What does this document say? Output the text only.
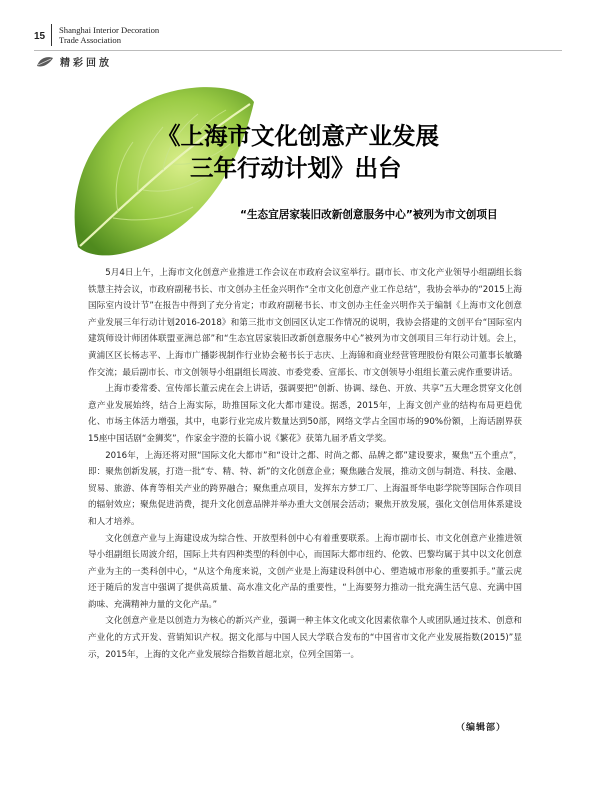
15
Shanghai Interior Decoration
Trade Association
精彩回放
《上海市文化创意产业发展
三年行动计划》出台
“生态宜居家装旧改新创意服务中心”被列为市文创项目

5月4日上午，上海市文化创意产业推进工作会议在市政府会议室举行。副市长、市文化产业领导小组副组长翁铁慧主持会议，市政府副秘书长、市文创办主任金兴明作“全市文化创意产业工作总结”，我协会举办的“2015上海国际室内设计节”在报告中得到了充分肯定；市政府副秘书长、市文创办主任金兴明作关于编制《上海市文化创意产业发展三年行动计划2016-2018》和第三批市文创园区认定工作情况的说明，我协会搭建的文创平台“国际室内建筑师设计师团体联盟亚洲总部”和“生态宜居家装旧改新创意服务中心”被列为市文创项目三年行动计划。会上，黄浦区区长杨志平、上海市广播影视制作行业协会秘书长于志庆、上海锦和商业经营管理股份有限公司董事长敏璐作交流；最后副市长、市文创领导小组副组长周波、市委党委、宣部长、市文创领导小组组长董云虎作重要讲话。

上海市委常委、宣传部长董云虎在会上讲话，强调要把“创新、协调、绿色、开放、共享”五大理念贯穿文化创意产业发展始终，结合上海实际，助推国际文化大都市建设。据悉，2015年，上海文创产业的结构布局更趋优化、市场主体活力增强，其中，电影行业完成片数量达到50部，网络文学占全国市场的90%份额，上海话剧界获15座中国话剧“金狮奖”，作家金宇澄的长篇小说《繁花》获第九届矛盾文学奖。

2016年，上海还将对照“国际文化大都市”和“设计之都、时尚之都、品牌之都”建设要求，聚焦“五个重点”，即：聚焦创新发展，打造一批“专、精、特、新”的文化创意企业；聚焦融合发展，推动文创与制造、科技、金融、贸易、旅游、体育等相关产业的跨界融合；聚焦重点项目，发挥东方梦工厂、上海温哥华电影学院等国际合作项目的辐射效应；聚焦促进消费，提升文化创意品牌并举办重大文创展会活动；聚焦开放发展，强化文创信用体系建设和人才培养。

文化创意产业与上海建设成为综合性、开放型科创中心有着重要联系。上海市副市长、市文化创意产业推进领导小组副组长周波介绍，国际上共有四种类型的科创中心，而国际大都市纽约、伦敦、巴黎均属于其中以文化创意产业为主的一类科创中心，“从这个角度来说，文创产业是上海建设科创中心、塑造城市形象的重要抓手。”董云虎还于随后的发言中强调了提供高质量、高水准文化产品的重要性，“上海要努力推动一批充满生活气息、充满中国韵味、充满精神力量的文化产品。”

文化创意产业是以创造力为核心的新兴产业，强调一种主体文化或文化因素依靠个人或团队通过技术、创意和产业化的方式开发、营销知识产权。据文化部与中国人民大学联合发布的“中国省市文化产业发展指数(2015)”显示，2015年，上海的文化产业发展综合指数首超北京，位列全国第一。

（编辑部）
